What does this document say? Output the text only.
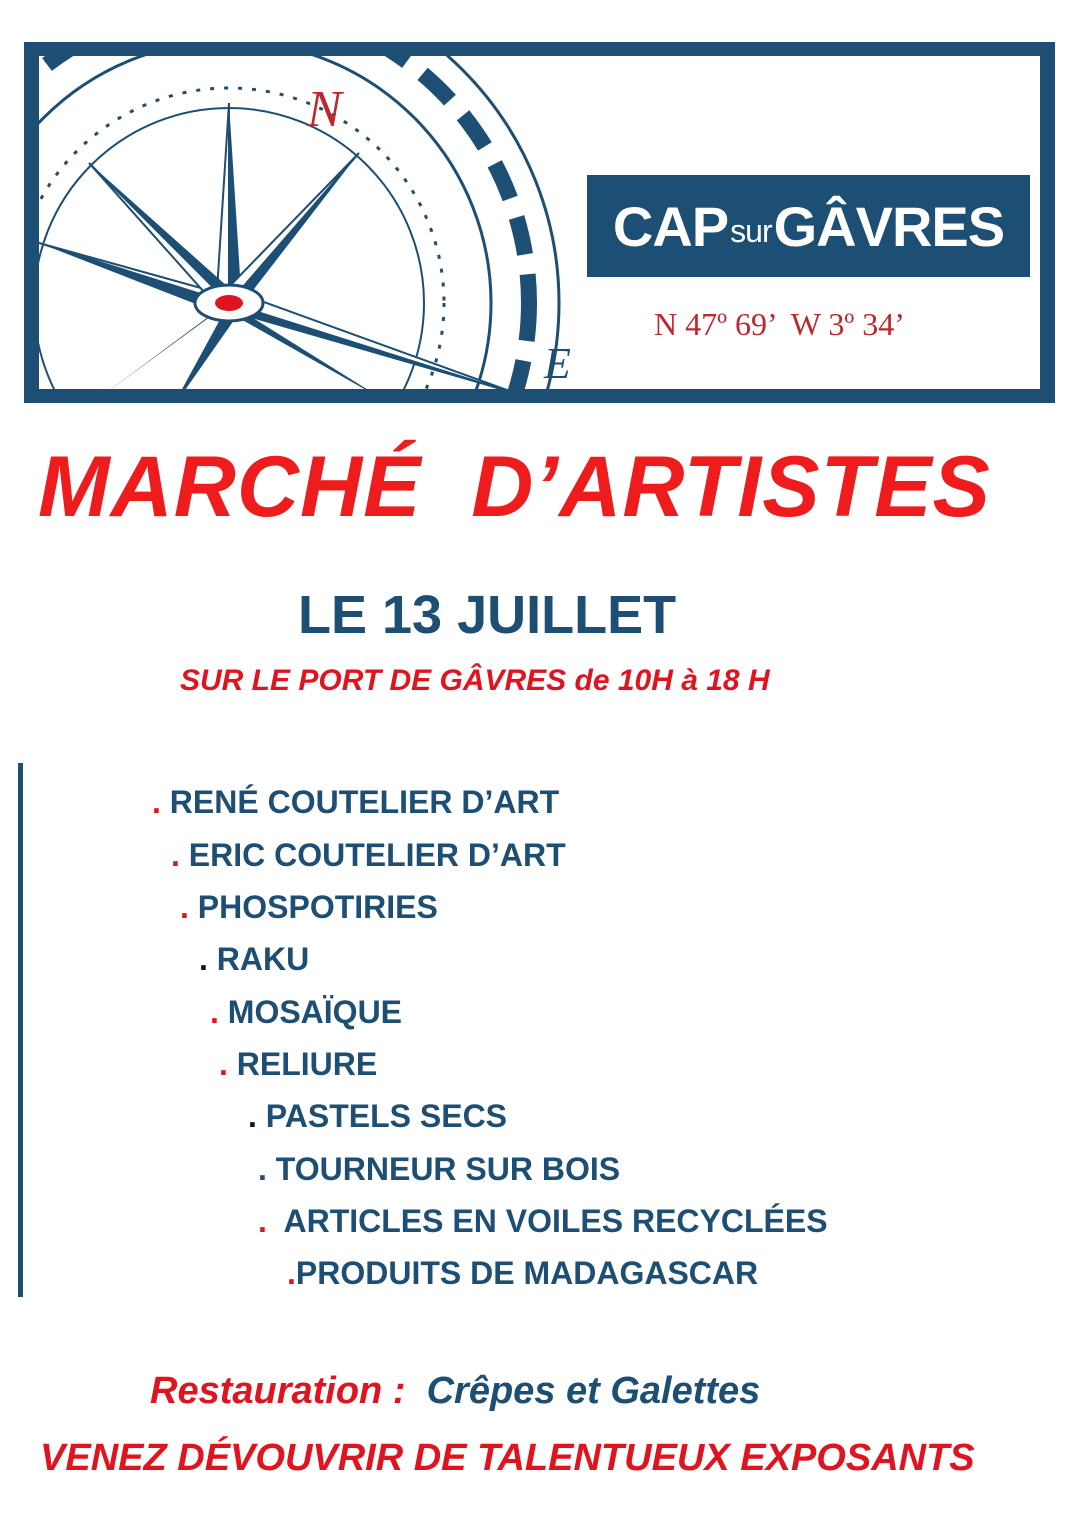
N
E
CAP sur GÂVRES
N 47º 69’  W 3º 34’
MARCHÉ  D’ARTISTES
LE 13 JUILLET
SUR LE PORT DE GÂVRES de 10H à 18 H
. RENÉ COUTELIER D’ART
. ERIC COUTELIER D’ART
. PHOSPOTIRIES
. RAKU
. MOSAÏQUE
. RELIURE
. PASTELS SECS
. TOURNEUR SUR BOIS
.  ARTICLES EN VOILES RECYCLÉES
.PRODUITS DE MADAGASCAR
Restauration :  Crêpes et Galettes
VENEZ DÉVOUVRIR DE TALENTUEUX EXPOSANTS
